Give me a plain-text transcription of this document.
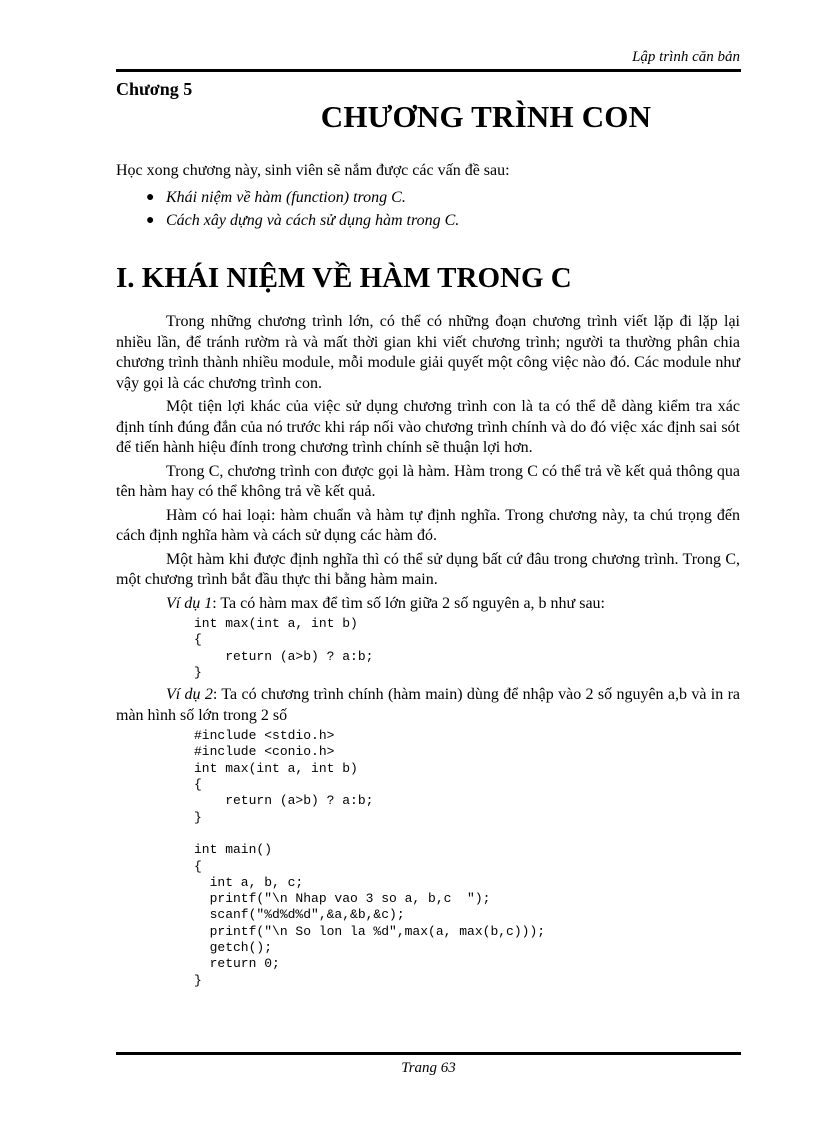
Lập trình căn bản
Chương 5
CHƯƠNG TRÌNH CON
Học xong chương này, sinh viên sẽ nắm được các vấn đề sau:
● Khái niệm về hàm (function) trong C.
● Cách xây dựng và cách sử dụng hàm trong C.
I. KHÁI NIỆM VỀ HÀM TRONG C

Trong những chương trình lớn, có thể có những đoạn chương trình viết lặp đi lặp lại nhiều lần, để tránh rườm rà và mất thời gian khi viết chương trình; người ta thường phân chia chương trình thành nhiều module, mỗi module giải quyết một công việc nào đó. Các module như vậy gọi là các chương trình con.

Một tiện lợi khác của việc sử dụng chương trình con là ta có thể dễ dàng kiểm tra xác định tính đúng đắn của nó trước khi ráp nối vào chương trình chính và do đó việc xác định sai sót để tiến hành hiệu đính trong chương trình chính sẽ thuận lợi hơn.

Trong C, chương trình con được gọi là hàm. Hàm trong C có thể trả về kết quả thông qua tên hàm hay có thể không trả về kết quả.

Hàm có hai loại: hàm chuẩn và hàm tự định nghĩa. Trong chương này, ta chú trọng đến cách định nghĩa hàm và cách sử dụng các hàm đó.

Một hàm khi được định nghĩa thì có thể sử dụng bất cứ đâu trong chương trình. Trong C, một chương trình bắt đầu thực thi bằng hàm main.

Ví dụ 1: Ta có hàm max để tìm số lớn giữa 2 số nguyên a, b như sau:

int max(int a, int b)
{
return (a>b) ? a:b;
}

Ví dụ 2: Ta có chương trình chính (hàm main) dùng để nhập vào 2 số nguyên a,b và in ra màn hình số lớn trong 2 số

#include <stdio.h>
#include <conio.h>
int max(int a, int b)
{
return (a>b) ? a:b;
}

int main()
{
int a, b, c;
printf("\n Nhap vao 3 so a, b,c  ");
scanf("%d%d%d",&a,&b,&c);
printf("\n So lon la %d",max(a, max(b,c)));
getch();
return 0;
}
Trang 63
